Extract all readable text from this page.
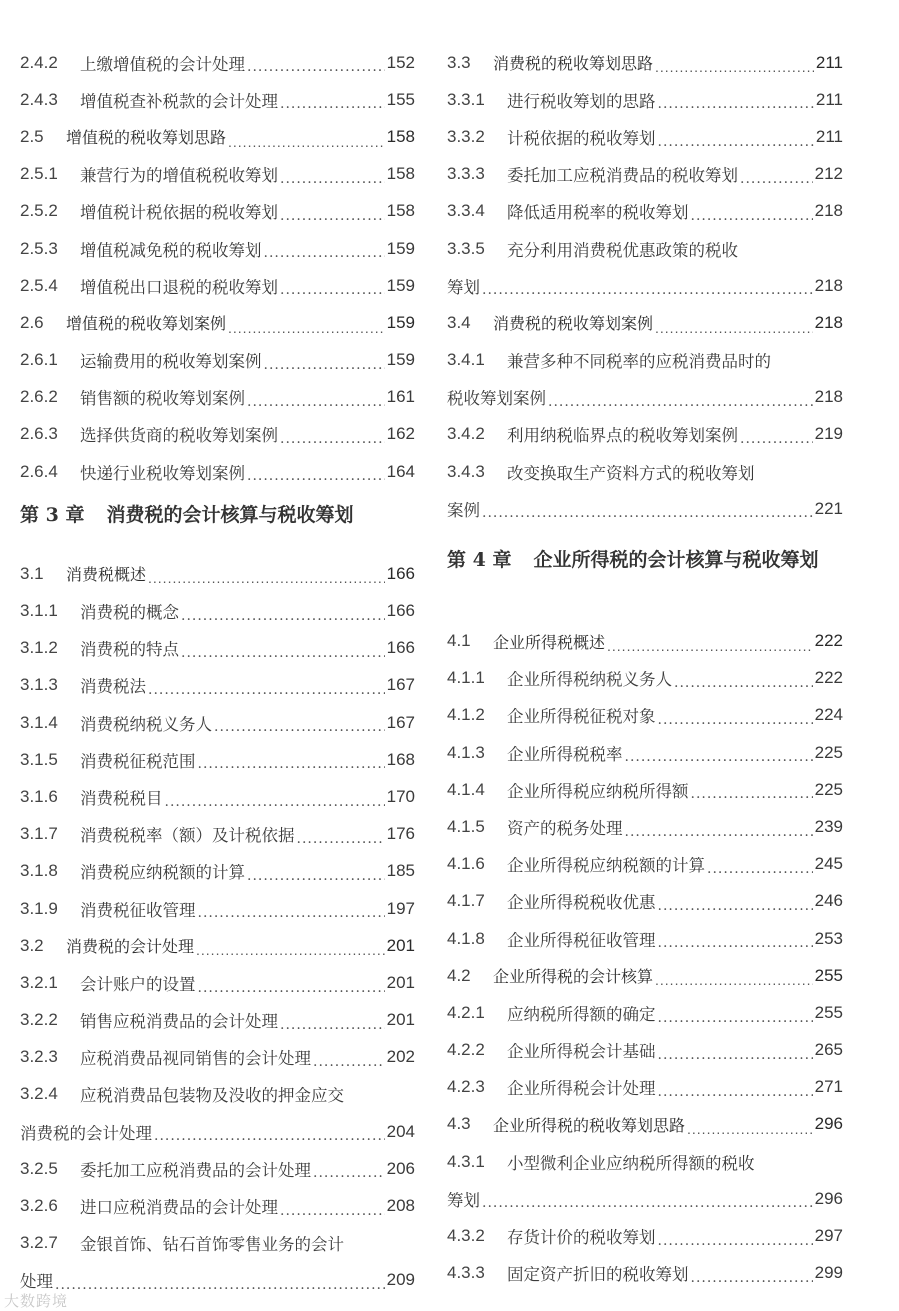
2.4.2	上缴增值税的会计处理 .....	152
2.4.3	增值税查补税款的会计处理 .....	155
2.5	增值税的税收筹划思路 .....	158
2.5.1	兼营行为的增值税税收筹划 .....	158
2.5.2	增值税计税依据的税收筹划 .....	158
2.5.3	增值税减免税的税收筹划 .....	159
2.5.4	增值税出口退税的税收筹划 .....	159
2.6	增值税的税收筹划案例 .....	159
2.6.1	运输费用的税收筹划案例 .....	159
2.6.2	销售额的税收筹划案例 .....	161
2.6.3	选择供货商的税收筹划案例 .....	162
2.6.4	快递行业税收筹划案例 .....	164
第 3 章 消费税的会计核算与税收筹划
3.1	消费税概述 .....	166
3.1.1	消费税的概念 .....	166
3.1.2	消费税的特点 .....	166
3.1.3	消费税法 .....	167
3.1.4	消费税纳税义务人 .....	167
3.1.5	消费税征税范围 .....	168
3.1.6	消费税税目 .....	170
3.1.7	消费税税率（额）及计税依据 .....	176
3.1.8	消费税应纳税额的计算 .....	185
3.1.9	消费税征收管理 .....	197
3.2	消费税的会计处理 .....	201
3.2.1	会计账户的设置 .....	201
3.2.2	销售应税消费品的会计处理 .....	201
3.2.3	应税消费品视同销售的会计处理 .....	202
3.2.4	应税消费品包装物及没收的押金应交
消费税的会计处理 .....	204
3.2.5	委托加工应税消费品的会计处理 .....	206
3.2.6	进口应税消费品的会计处理 .....	208
3.2.7	金银首饰、钻石首饰零售业务的会计
处理 .....	209
3.3	消费税的税收筹划思路 .....	211
3.3.1	进行税收筹划的思路 .....	211
3.3.2	计税依据的税收筹划 .....	211
3.3.3	委托加工应税消费品的税收筹划 .....	212
3.3.4	降低适用税率的税收筹划 .....	218
3.3.5	充分利用消费税优惠政策的税收
筹划 .....	218
3.4	消费税的税收筹划案例 .....	218
3.4.1	兼营多种不同税率的应税消费品时的
税收筹划案例 .....	218
3.4.2	利用纳税临界点的税收筹划案例 .....	219
3.4.3	改变换取生产资料方式的税收筹划
案例 .....	221
第 4 章 企业所得税的会计核算与税收筹划
4.1	企业所得税概述 .....	222
4.1.1	企业所得税纳税义务人 .....	222
4.1.2	企业所得税征税对象 .....	224
4.1.3	企业所得税税率 .....	225
4.1.4	企业所得税应纳税所得额 .....	225
4.1.5	资产的税务处理 .....	239
4.1.6	企业所得税应纳税额的计算 .....	245
4.1.7	企业所得税税收优惠 .....	246
4.1.8	企业所得税征收管理 .....	253
4.2	企业所得税的会计核算 .....	255
4.2.1	应纳税所得额的确定 .....	255
4.2.2	企业所得税会计基础 .....	265
4.2.3	企业所得税会计处理 .....	271
4.3	企业所得税的税收筹划思路 .....	296
4.3.1	小型微利企业应纳税所得额的税收
筹划 .....	296
4.3.2	存货计价的税收筹划 .....	297
4.3.3	固定资产折旧的税收筹划 .....	299
大数跨境
